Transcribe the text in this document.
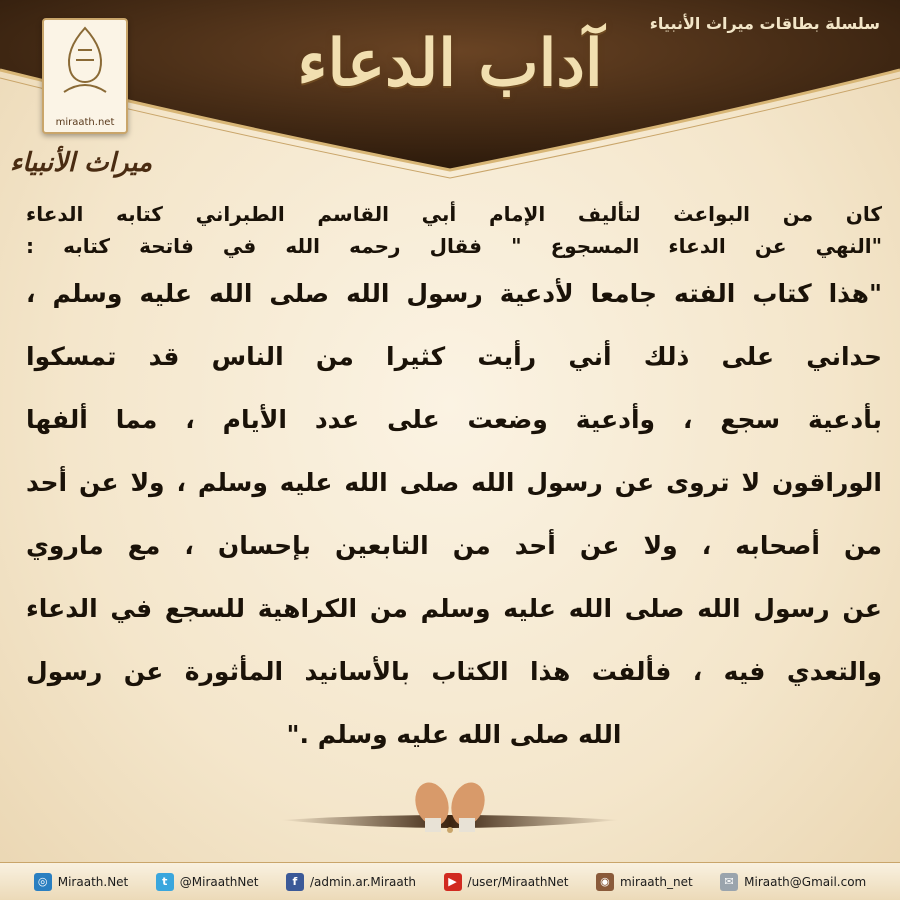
سلسلة بطاقات ميراث الأنبياء
آداب الدعاء
miraath.net
ميراث الأنبياء
كان من البواعث لتأليف الإمام أبي القاسم الطبراني كتابه الدعاء
"النهي عن الدعاء المسجوع " فقال رحمه الله في فاتحة كتابه :
"هذا كتاب الفته جامعا لأدعية رسول الله صلى الله عليه وسلم ،
حداني على ذلك أني رأيت كثيرا من الناس قد تمسكوا
بأدعية سجع ، وأدعية وضعت على عدد الأيام ، مما ألفها
الوراقون لا تروى عن رسول الله صلى الله عليه وسلم ، ولا عن أحد
من أصحابه ، ولا عن أحد من التابعين بإحسان ، مع ماروي
عن رسول الله صلى الله عليه وسلم من الكراهية للسجع في الدعاء
والتعدي فيه ، فألفت هذا الكتاب بالأسانيد المأثورة عن رسول
الله صلى الله عليه وسلم ."
◎ Miraath.Net	t	@MiraathNet	f	/admin.ar.Miraath	▶ /user/MiraathNet	◉ miraath_net	✉ Miraath@Gmail.com
